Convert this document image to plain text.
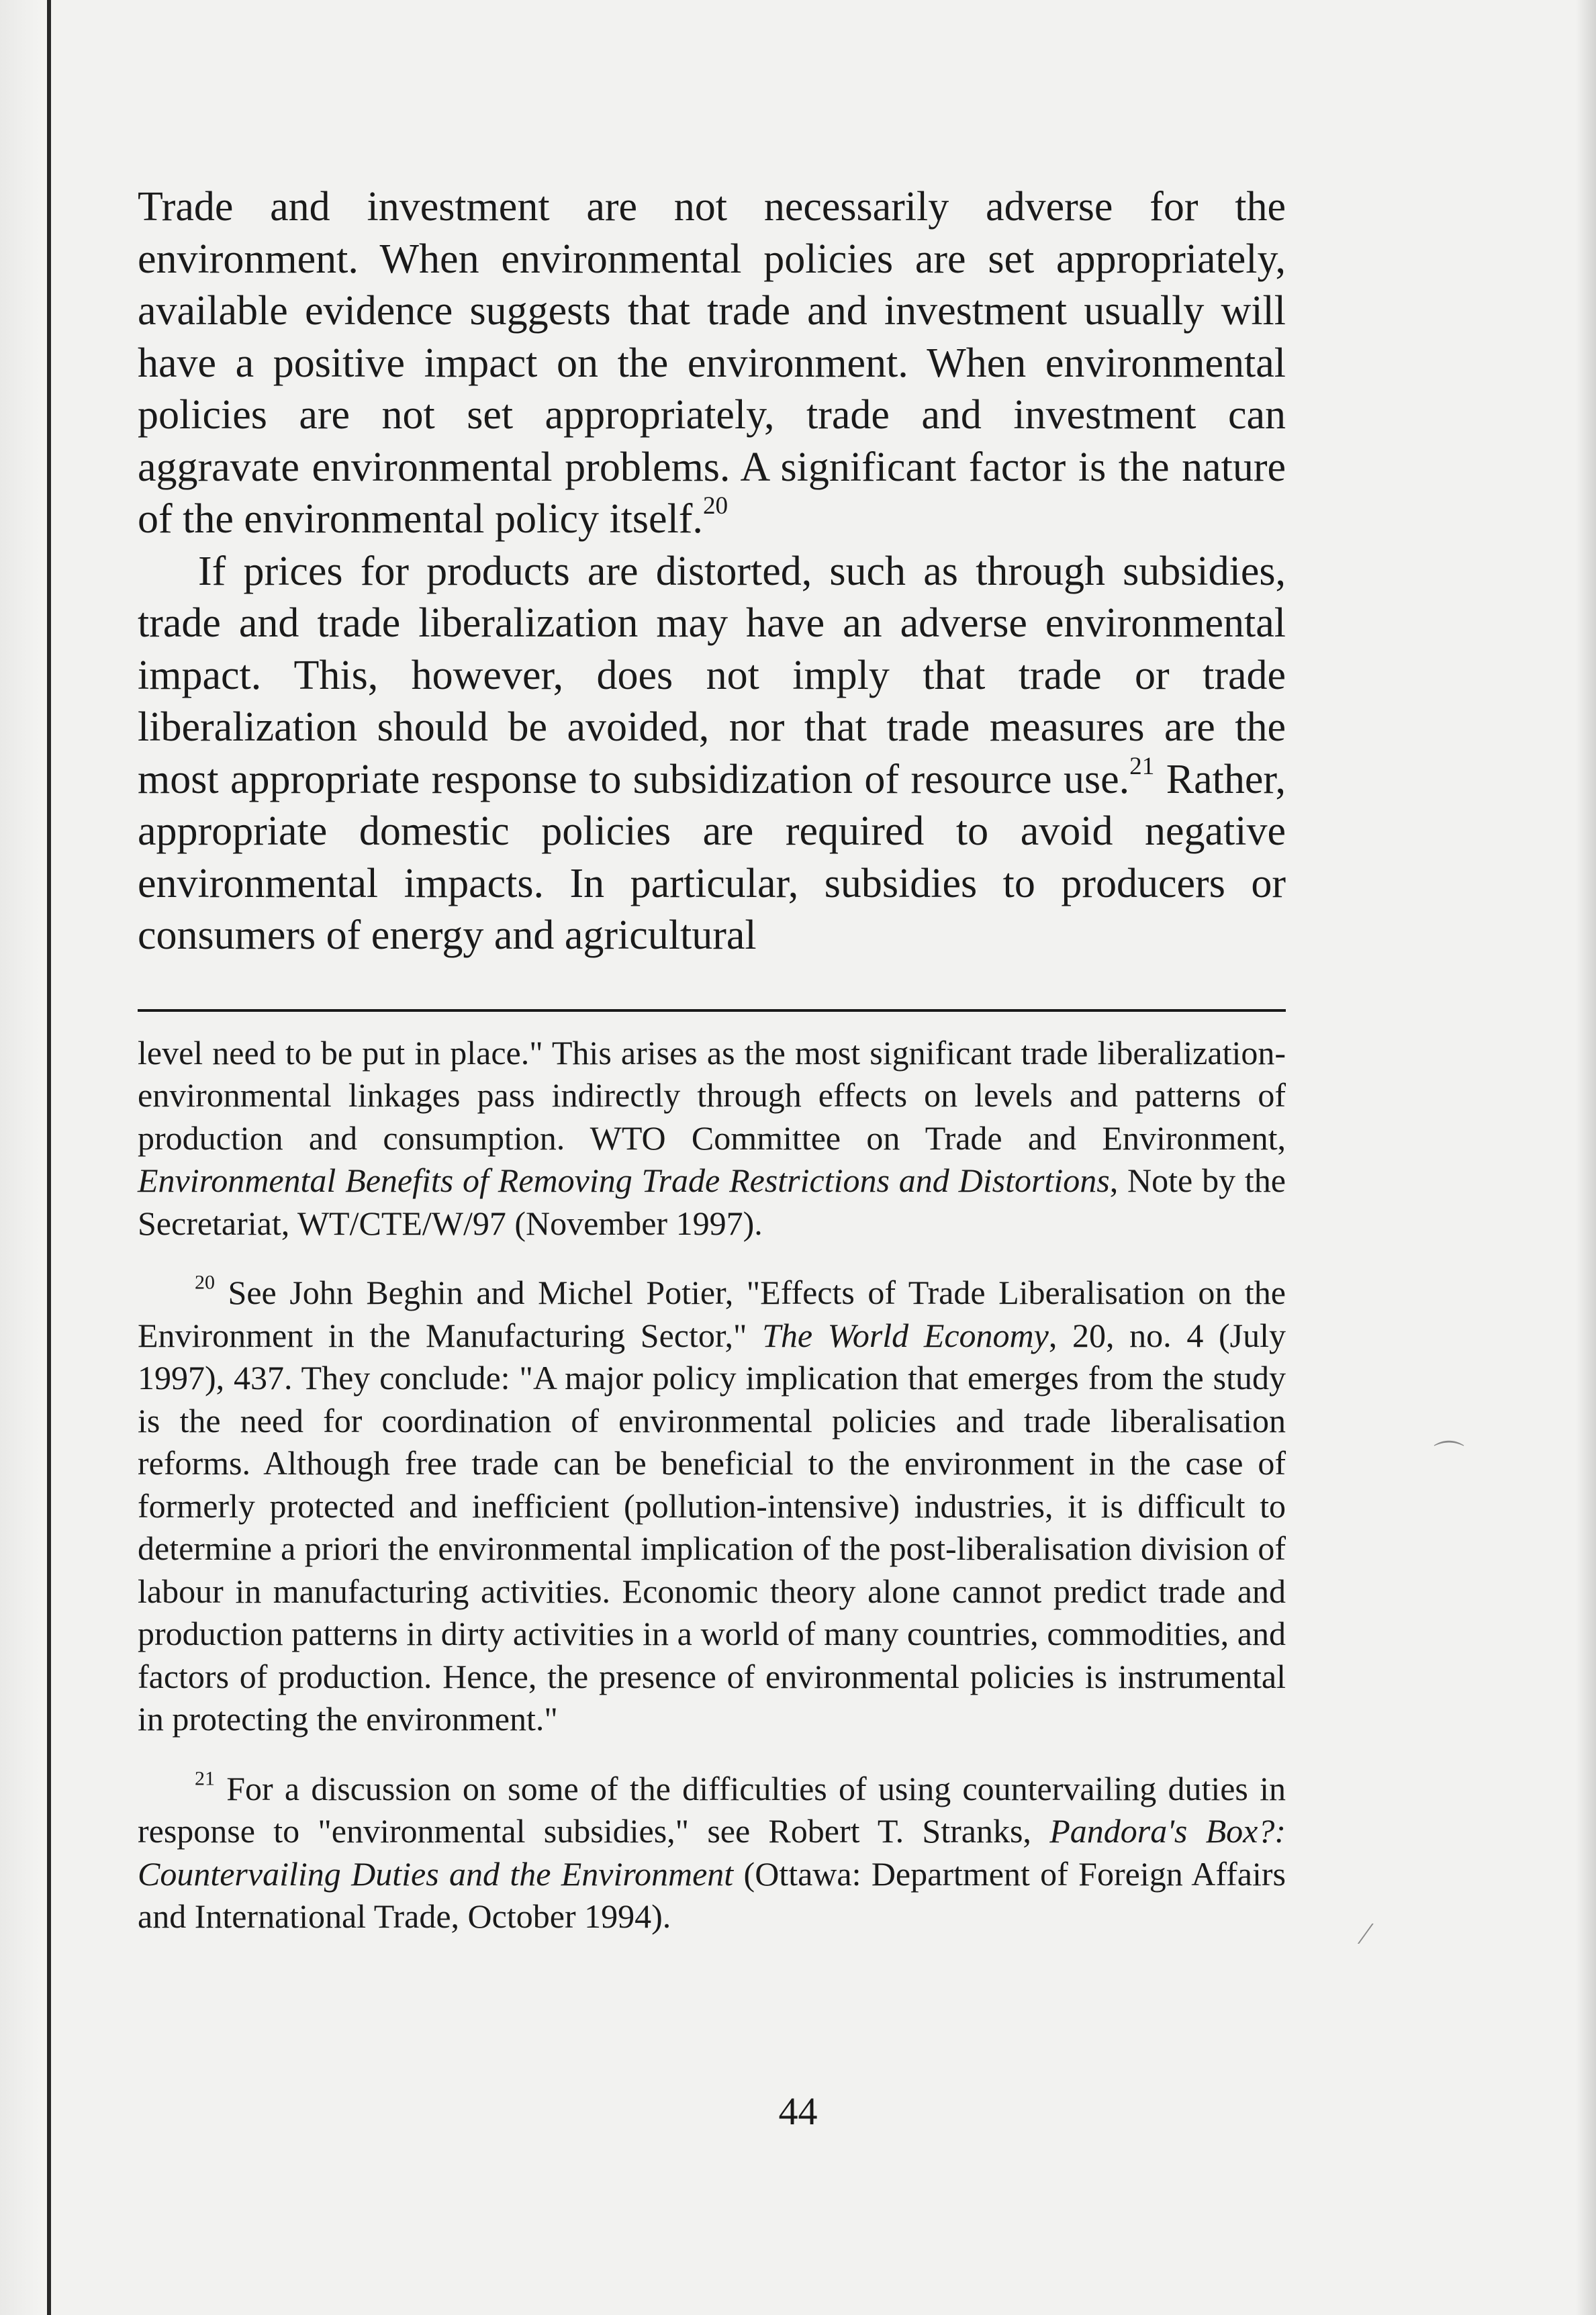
⌒
⁄

Trade and investment are not necessarily adverse for the environment. When environmental policies are set appropriately, available evidence suggests that trade and investment usually will have a positive impact on the environment. When environmental policies are not set appropriately, trade and investment can aggravate environmental problems. A significant factor is the nature of the environmental policy itself.$^{20}$

If prices for products are distorted, such as through subsidies, trade and trade liberalization may have an adverse environmental impact. This, however, does not imply that trade or trade liberalization should be avoided, nor that trade measures are the most appropriate response to subsidization of resource use.$^{21}$ Rather, appropriate domestic policies are required to avoid negative environmental impacts. In particular, subsidies to producers or consumers of energy and agricultural

level need to be put in place." This arises as the most significant trade liberalization-environmental linkages pass indirectly through effects on levels and patterns of production and consumption. WTO Committee on Trade and Environment, Environmental Benefits of Removing Trade Restrictions and Distortions, Note by the Secretariat, WT/CTE/W/97 (November 1997).

$^{20}$ See John Beghin and Michel Potier, "Effects of Trade Liberalisation on the Environment in the Manufacturing Sector," The World Economy, 20, no. 4 (July 1997), 437. They conclude: "A major policy implication that emerges from the study is the need for coordination of environmental policies and trade liberalisation reforms. Although free trade can be beneficial to the environment in the case of formerly protected and inefficient (pollution-intensive) industries, it is difficult to determine a priori the environmental implication of the post-liberalisation division of labour in manufacturing activities. Economic theory alone cannot predict trade and production patterns in dirty activities in a world of many countries, commodities, and factors of production. Hence, the presence of environmental policies is instrumental in protecting the environment."

$^{21}$ For a discussion on some of the difficulties of using countervailing duties in response to "environmental subsidies," see Robert T. Stranks, Pandora's Box?: Countervailing Duties and the Environment (Ottawa: Department of Foreign Affairs and International Trade, October 1994).

44
